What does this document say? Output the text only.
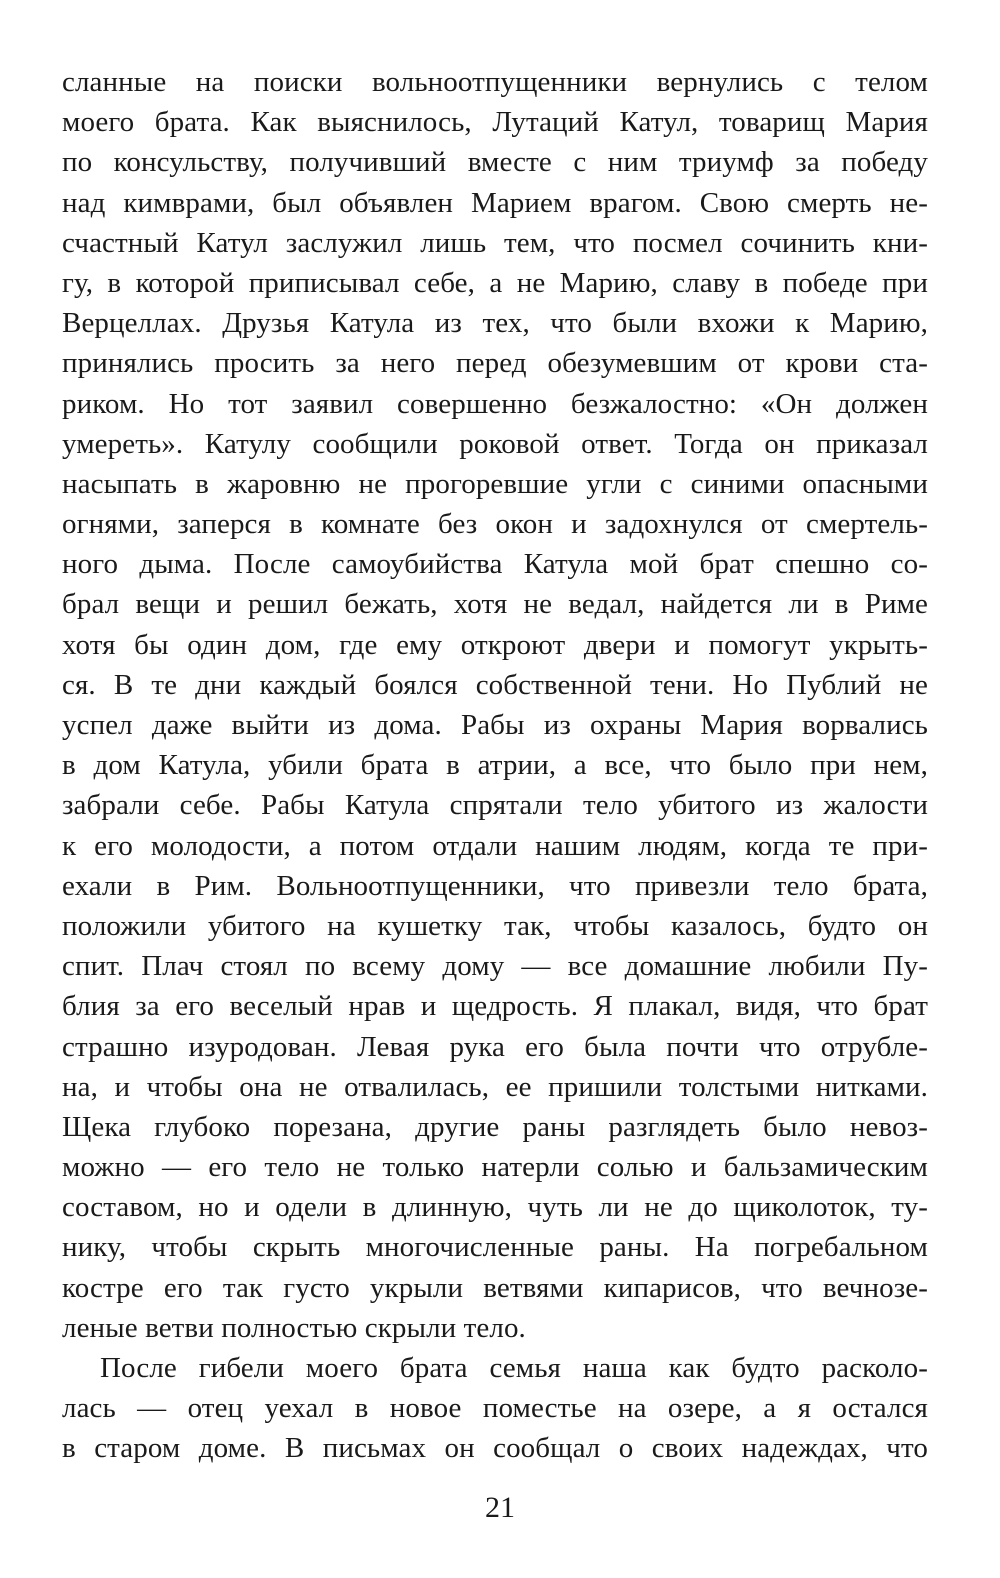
сланные на поиски вольноотпущенники вернулись с телом
моего брата. Как выяснилось, Лутаций Катул, товарищ Мария
по консульству, получивший вместе с ним триумф за победу
над кимврами, был объявлен Марием врагом. Свою смерть не-
счастный Катул заслужил лишь тем, что посмел сочинить кни-
гу, в которой приписывал себе, а не Марию, славу в победе при
Верцеллах. Друзья Катула из тех, что были вхожи к Марию,
принялись просить за него перед обезумевшим от крови ста-
риком. Но тот заявил совершенно безжалостно: «Он должен
умереть». Катулу сообщили роковой ответ. Тогда он приказал
насыпать в жаровню не прогоревшие угли с синими опасными
огнями, заперся в комнате без окон и задохнулся от смертель-
ного дыма. После самоубийства Катула мой брат спешно со-
брал вещи и решил бежать, хотя не ведал, найдется ли в Риме
хотя бы один дом, где ему откроют двери и помогут укрыть-
ся. В те дни каждый боялся собственной тени. Но Публий не
успел даже выйти из дома. Рабы из охраны Мария ворвались
в дом Катула, убили брата в атрии, а все, что было при нем,
забрали себе. Рабы Катула спрятали тело убитого из жалости
к его молодости, а потом отдали нашим людям, когда те при-
ехали в Рим. Вольноотпущенники, что привезли тело брата,
положили убитого на кушетку так, чтобы казалось, будто он
спит. Плач стоял по всему дому — все домашние любили Пу-
блия за его веселый нрав и щедрость. Я плакал, видя, что брат
страшно изуродован. Левая рука его была почти что отрубле-
на, и чтобы она не отвалилась, ее пришили толстыми нитками.
Щека глубоко порезана, другие раны разглядеть было невоз-
можно — его тело не только натерли солью и бальзамическим
составом, но и одели в длинную, чуть ли не до щиколоток, ту-
нику, чтобы скрыть многочисленные раны. На погребальном
костре его так густо укрыли ветвями кипарисов, что вечнозе-
леные ветви полностью скрыли тело.
После гибели моего брата семья наша как будто расколо-
лась — отец уехал в новое поместье на озере, а я остался
в старом доме. В письмах он сообщал о своих надеждах, что
21
